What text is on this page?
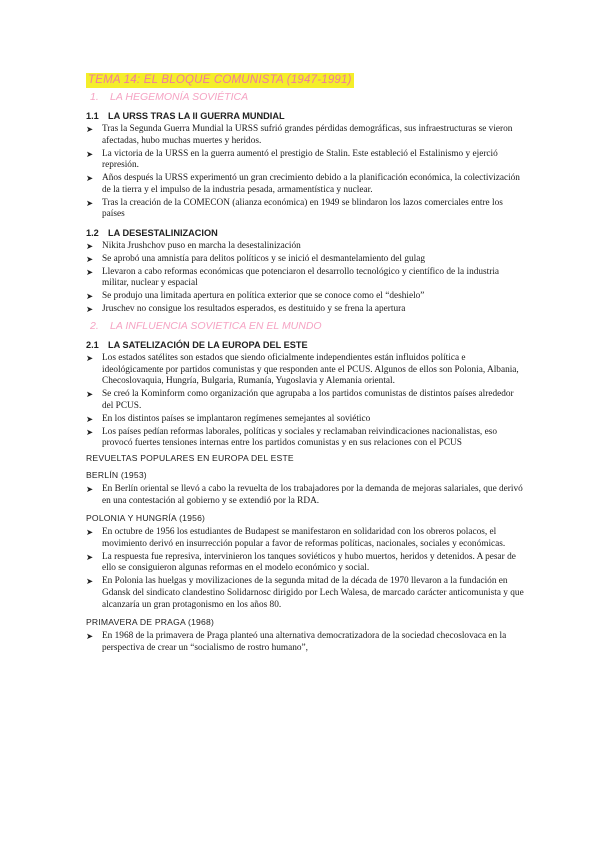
TEMA 14: EL BLOQUE COMUNISTA (1947-1991)
1. LA HEGEMONÍA SOVIÉTICA
1.1 LA URSS TRAS LA II GUERRA MUNDIAL
➤ Tras la Segunda Guerra Mundial la URSS sufrió grandes pérdidas demográficas, sus infraestructuras se vieron afectadas, hubo muchas muertes y heridos.
➤ La victoria de la URSS en la guerra aumentó el prestigio de Stalin. Este estableció el Estalinismo y ejerció represión.
➤ Años después la URSS experimentó un gran crecimiento debido a la planificación económica, la colectivización de la tierra y el impulso de la industria pesada, armamentística y nuclear.
➤ Tras la creación de la COMECON (alianza económica) en 1949 se blindaron los lazos comerciales entre los países
1.2 LA DESESTALINIZACION
➤ Nikita Jrushchov puso en marcha la desestalinización
➤ Se aprobó una amnistía para delitos políticos y se inició el desmantelamiento del gulag
➤ Llevaron a cabo reformas económicas que potenciaron el desarrollo tecnológico y científico de la industria militar, nuclear y espacial
➤ Se produjo una limitada apertura en política exterior que se conoce como el “deshielo”
➤ Jruschev no consigue los resultados esperados, es destituido y se frena la apertura
2. LA INFLUENCIA SOVIETICA EN EL MUNDO
2.1 LA SATELIZACIÓN DE LA EUROPA DEL ESTE
➤ Los estados satélites son estados que siendo oficialmente independientes están influidos política e ideológicamente por partidos comunistas y que responden ante el PCUS. Algunos de ellos son Polonia, Albania, Checoslovaquia, Hungría, Bulgaria, Rumanía, Yugoslavia y Alemania oriental.
➤ Se creó la Kominform como organización que agrupaba a los partidos comunistas de distintos países alrededor del PCUS.
➤ En los distintos países se implantaron regímenes semejantes al soviético
➤ Los países pedían reformas laborales, políticas y sociales y reclamaban reivindicaciones nacionalistas, eso provocó fuertes tensiones internas entre los partidos comunistas y en sus relaciones con el PCUS
REVUELTAS POPULARES EN EUROPA DEL ESTE
BERLÍN (1953)
➤ En Berlín oriental se llevó a cabo la revuelta de los trabajadores por la demanda de mejoras salariales, que derivó en una contestación al gobierno y se extendió por la RDA.
POLONIA Y HUNGRÍA (1956)
➤ En octubre de 1956 los estudiantes de Budapest se manifestaron en solidaridad con los obreros polacos, el movimiento derivó en insurrección popular a favor de reformas políticas, nacionales, sociales y económicas.
➤ La respuesta fue represiva, intervinieron los tanques soviéticos y hubo muertos, heridos y detenidos. A pesar de ello se consiguieron algunas reformas en el modelo económico y social.
➤ En Polonia las huelgas y movilizaciones de la segunda mitad de la década de 1970 llevaron a la fundación en Gdansk del sindicato clandestino Solidarnosc dirigido por Lech Walesa, de marcado carácter anticomunista y que alcanzaría un gran protagonismo en los años 80.
PRIMAVERA DE PRAGA (1968)
➤ En 1968 de la primavera de Praga planteó una alternativa democratizadora de la sociedad checoslovaca en la perspectiva de crear un “socialismo de rostro humano”,
